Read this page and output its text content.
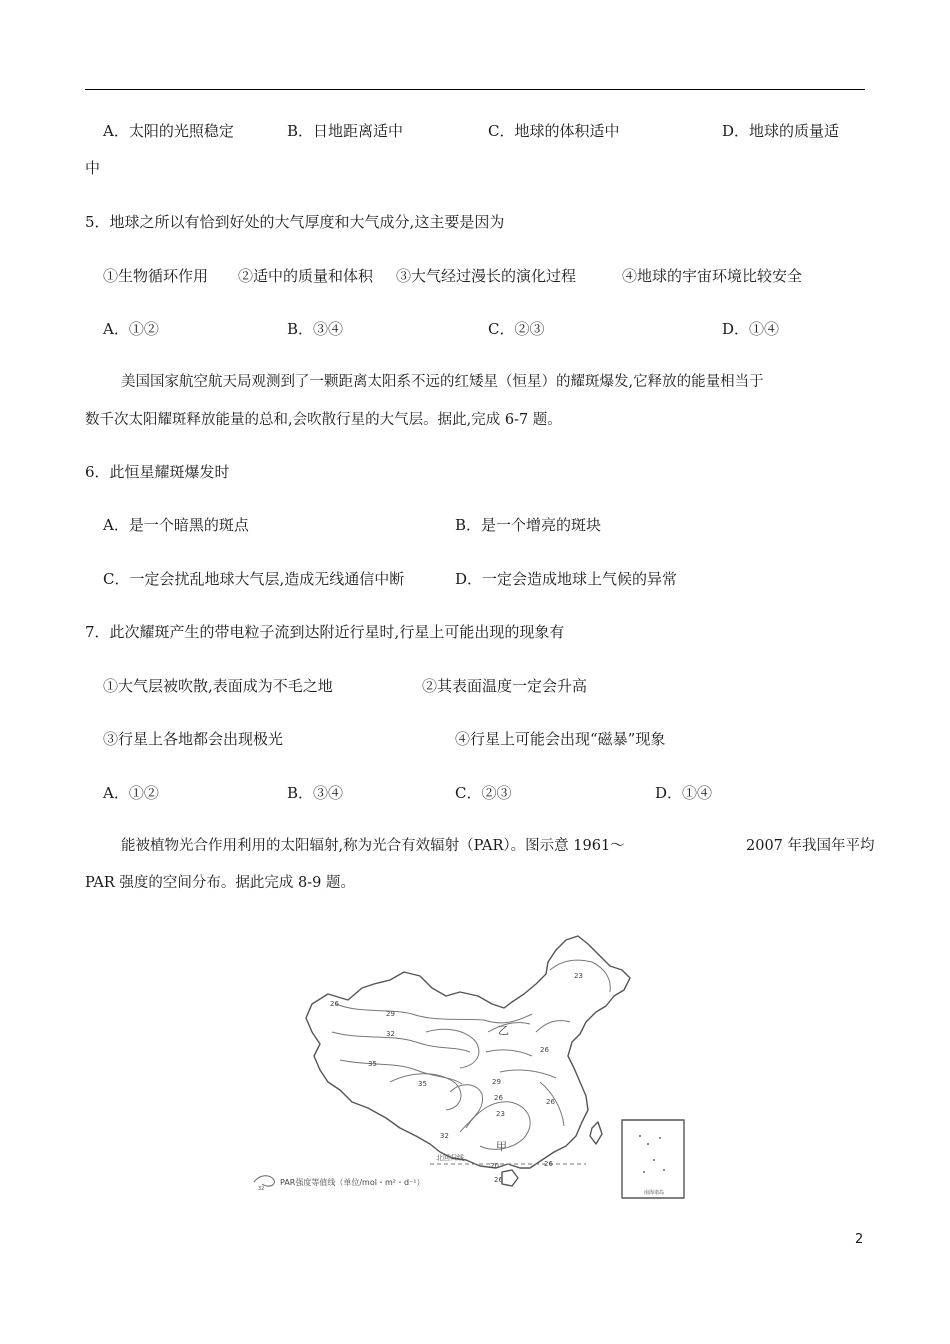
A．太阳的光照稳定	B．日地距离适中	C．地球的体积适中	D．地球的质量适
中
5．地球之所以有恰到好处的大气厚度和大气成分,这主要是因为
①生物循环作用 ②适中的质量和体积 ③大气经过漫长的演化过程	④地球的宇宙环境比较安全
A．①②	B．③④	C．②③	D．①④
美国国家航空航天局观测到了一颗距离太阳系不远的红矮星（恒星）的耀斑爆发,它释放的能量相当于
数千次太阳耀斑释放能量的总和,会吹散行星的大气层。据此,完成 6-7 题。
6．此恒星耀斑爆发时
A．是一个暗黑的斑点	B．是一个增亮的斑块
C．一定会扰乱地球大气层,造成无线通信中断	D．一定会造成地球上气候的异常
7．此次耀斑产生的带电粒子流到达附近行星时,行星上可能出现的现象有
①大气层被吹散,表面成为不毛之地	②其表面温度一定会升高
③行星上各地都会出现极光	④行星上可能会出现“磁暴”现象
A．①②	B．③④	C．②③	D．①④
能被植物光合作用利用的太阳辐射,称为光合有效辐射（PAR）。图示意 1961～	2007 年我国年平均
PAR 强度的空间分布。据此完成 8-9 题。
23
26
29
32
35
乙
26
29
26	26
23
35
32
甲
20
北回归线
26
26
南海诸岛
32
PAR强度等值线（单位/mol・m²・d⁻¹）
2
